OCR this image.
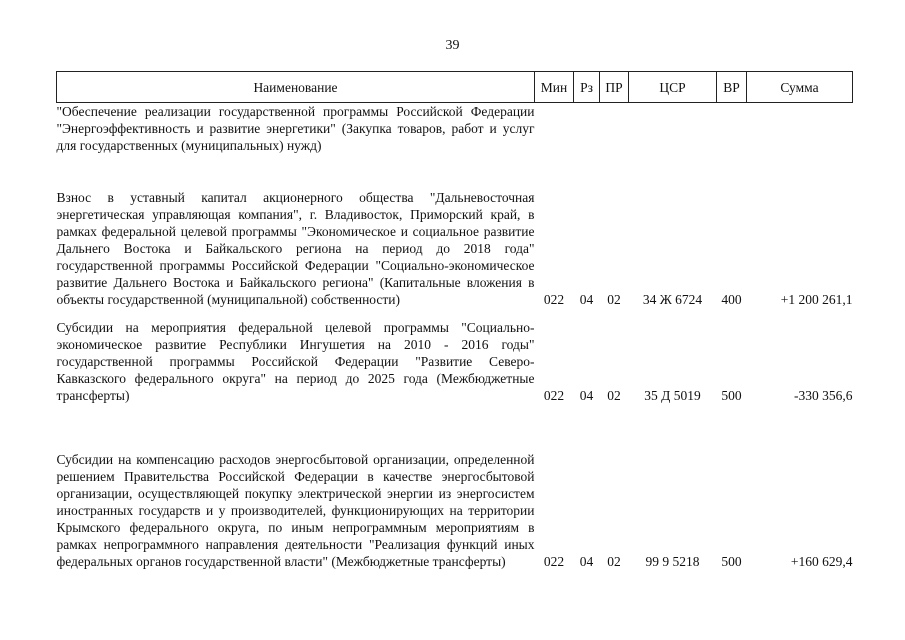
39
Наименование	Мин	Рз	ПР	ЦСР	ВР	Сумма
"Обеспечение реализации государственной программы Российской Федерации "Энергоэффективность и развитие энергетики" (Закупка товаров, работ и услуг для государственных (муниципальных) нужд)						
Взнос в уставный капитал акционерного общества "Дальневосточная энергетическая управляющая компания", г. Владивосток, Приморский край, в рамках федеральной целевой программы "Экономическое и социальное развитие Дальнего Востока и Байкальского региона на период до 2018 года" государственной программы Российской Федерации "Социально-экономическое развитие Дальнего Востока и Байкальского региона" (Капитальные вложения в объекты государственной (муниципальной) собственности)	022	04	02	34 Ж 6724	400	+1 200 261,1
Субсидии на мероприятия федеральной целевой программы "Социально-экономическое развитие Республики Ингушетия на 2010 - 2016 годы" государственной программы Российской Федерации "Развитие Северо-Кавказского федерального округа" на период до 2025 года (Межбюджетные трансферты)	022	04	02	35 Д 5019	500	-330 356,6
Субсидии на компенсацию расходов энергосбытовой организации, определенной решением Правительства Российской Федерации в качестве энергосбытовой организации, осуществляющей покупку электрической энергии из энергосистем иностранных государств и у производителей, функционирующих на территории Крымского федерального округа, по иным непрограммным мероприятиям в рамках непрограммного направления деятельности "Реализация функций иных федеральных органов государственной власти" (Межбюджетные трансферты)	022	04	02	99 9 5218	500	+160 629,4
